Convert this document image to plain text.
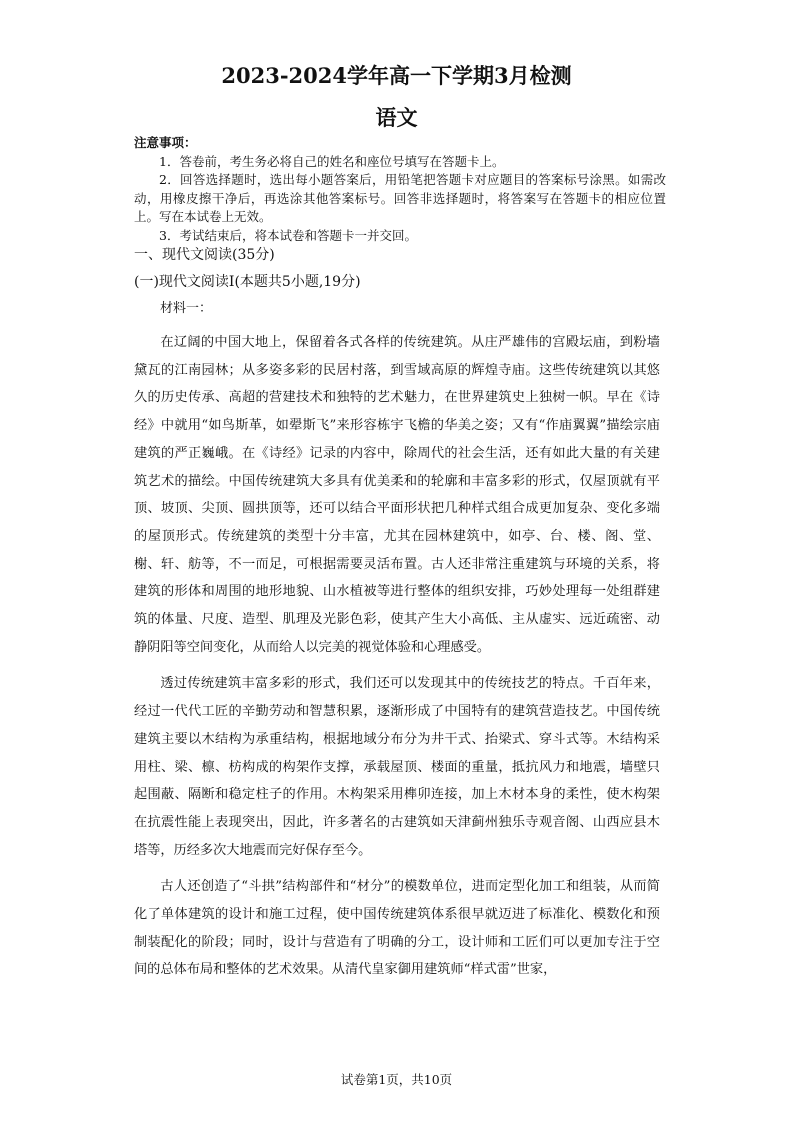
2023-2024学年高一下学期3月检测
语文
注意事项：
1．答卷前，考生务必将自己的姓名和座位号填写在答题卡上。
2．回答选择题时，选出每小题答案后，用铅笔把答题卡对应题目的答案标号涂黑。如需改动，用橡皮擦干净后，再选涂其他答案标号。回答非选择题时，将答案写在答题卡的相应位置上。写在本试卷上无效。
3．考试结束后，将本试卷和答题卡一并交回。
一、现代文阅读(35分)
(一)现代文阅读Ⅰ(本题共5小题,19分)
材料一：

在辽阔的中国大地上，保留着各式各样的传统建筑。从庄严雄伟的宫殿坛庙，到粉墙黛瓦的江南园林；从多姿多彩的民居村落，到雪域高原的辉煌寺庙。这些传统建筑以其悠久的历史传承、高超的营建技术和独特的艺术魅力，在世界建筑史上独树一帜。早在《诗经》中就用“如鸟斯革，如翚斯飞”来形容栋宇飞檐的华美之姿；又有“作庙翼翼”描绘宗庙建筑的严正巍峨。在《诗经》记录的内容中，除周代的社会生活，还有如此大量的有关建筑艺术的描绘。中国传统建筑大多具有优美柔和的轮廓和丰富多彩的形式，仅屋顶就有平顶、坡顶、尖顶、圆拱顶等，还可以结合平面形状把几种样式组合成更加复杂、变化多端的屋顶形式。传统建筑的类型十分丰富，尤其在园林建筑中，如亭、台、楼、阁、堂、榭、轩、舫等，不一而足，可根据需要灵活布置。古人还非常注重建筑与环境的关系，将建筑的形体和周围的地形地貌、山水植被等进行整体的组织安排，巧妙处理每一处组群建筑的体量、尺度、造型、肌理及光影色彩，使其产生大小高低、主从虚实、远近疏密、动静阴阳等空间变化，从而给人以完美的视觉体验和心理感受。

透过传统建筑丰富多彩的形式，我们还可以发现其中的传统技艺的特点。千百年来，经过一代代工匠的辛勤劳动和智慧积累，逐渐形成了中国特有的建筑营造技艺。中国传统建筑主要以木结构为承重结构，根据地域分布分为井干式、抬梁式、穿斗式等。木结构采用柱、梁、檩、枋构成的构架作支撑，承载屋顶、楼面的重量，抵抗风力和地震，墙壁只起围蔽、隔断和稳定柱子的作用。木构架采用榫卯连接，加上木材本身的柔性，使木构架在抗震性能上表现突出，因此，许多著名的古建筑如天津蓟州独乐寺观音阁、山西应县木塔等，历经多次大地震而完好保存至今。

古人还创造了“斗拱”结构部件和“材分”的模数单位，进而定型化加工和组装，从而简化了单体建筑的设计和施工过程，使中国传统建筑体系很早就迈进了标准化、模数化和预制装配化的阶段；同时，设计与营造有了明确的分工，设计师和工匠们可以更加专注于空间的总体布局和整体的艺术效果。从清代皇家御用建筑师“样式雷”世家，

试卷第1页，共10页
